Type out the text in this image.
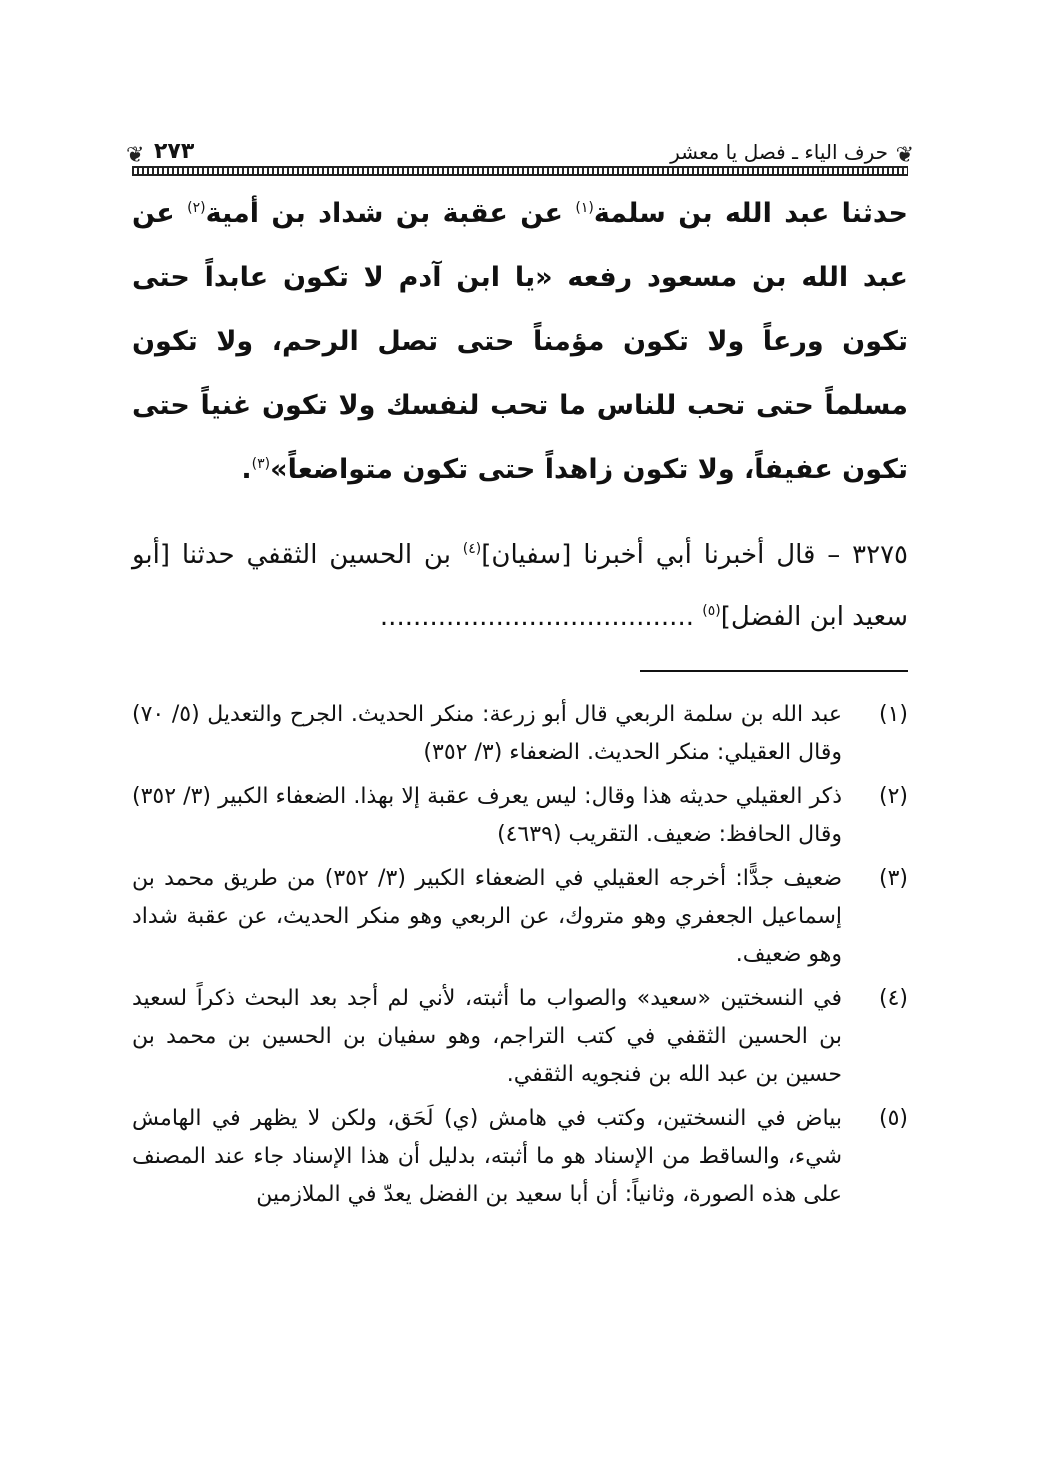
❦
حرف الياء ـ فصل يا معشر
٢٧٣
❦

حدثنا عبد الله بن سلمة$^{(١)}$ عن عقبة بن شداد بن أمية$^{(٢)}$ عن عبد الله بن مسعود رفعه «يا ابن آدم لا تكون عابداً حتى تكون ورعاً ولا تكون مؤمناً حتى تصل الرحم، ولا تكون مسلماً حتى تحب للناس ما تحب لنفسك ولا تكون غنياً حتى تكون عفيفاً، ولا تكون زاهداً حتى تكون متواضعاً»$^{(٣)}$.

٣٢٧٥ – قال أخبرنا أبي أخبرنا [سفيان]$^{(٤)}$ بن الحسين الثقفي حدثنا [أبو سعيد ابن الفضل]$^{(٥)}$ ......................................

(١)

عبد الله بن سلمة الربعي قال أبو زرعة: منكر الحديث. الجرح والتعديل (٥/ ٧٠) وقال العقيلي: منكر الحديث. الضعفاء (٣/ ٣٥٢)

(٢)

ذكر العقيلي حديثه هذا وقال: ليس يعرف عقبة إلا بهذا. الضعفاء الكبير (٣/ ٣٥٢) وقال الحافظ: ضعيف. التقريب (٤٦٣٩)

(٣)

ضعيف جدًّا: أخرجه العقيلي في الضعفاء الكبير (٣/ ٣٥٢) من طريق محمد بن إسماعيل الجعفري وهو متروك، عن الربعي وهو منكر الحديث، عن عقبة شداد وهو ضعيف.

(٤)

في النسختين «سعيد» والصواب ما أثبته، لأني لم أجد بعد البحث ذكراً لسعيد بن الحسين الثقفي في كتب التراجم، وهو سفيان بن الحسين بن محمد بن حسين بن عبد الله بن فنجويه الثقفي.

(٥)

بياض في النسختين، وكتب في هامش (ي) لَحَق، ولكن لا يظهر في الهامش شيء، والساقط من الإسناد هو ما أثبته، بدليل أن هذا الإسناد جاء عند المصنف على هذه الصورة، وثانياً: أن أبا سعيد بن الفضل يعدّ في الملازمين
